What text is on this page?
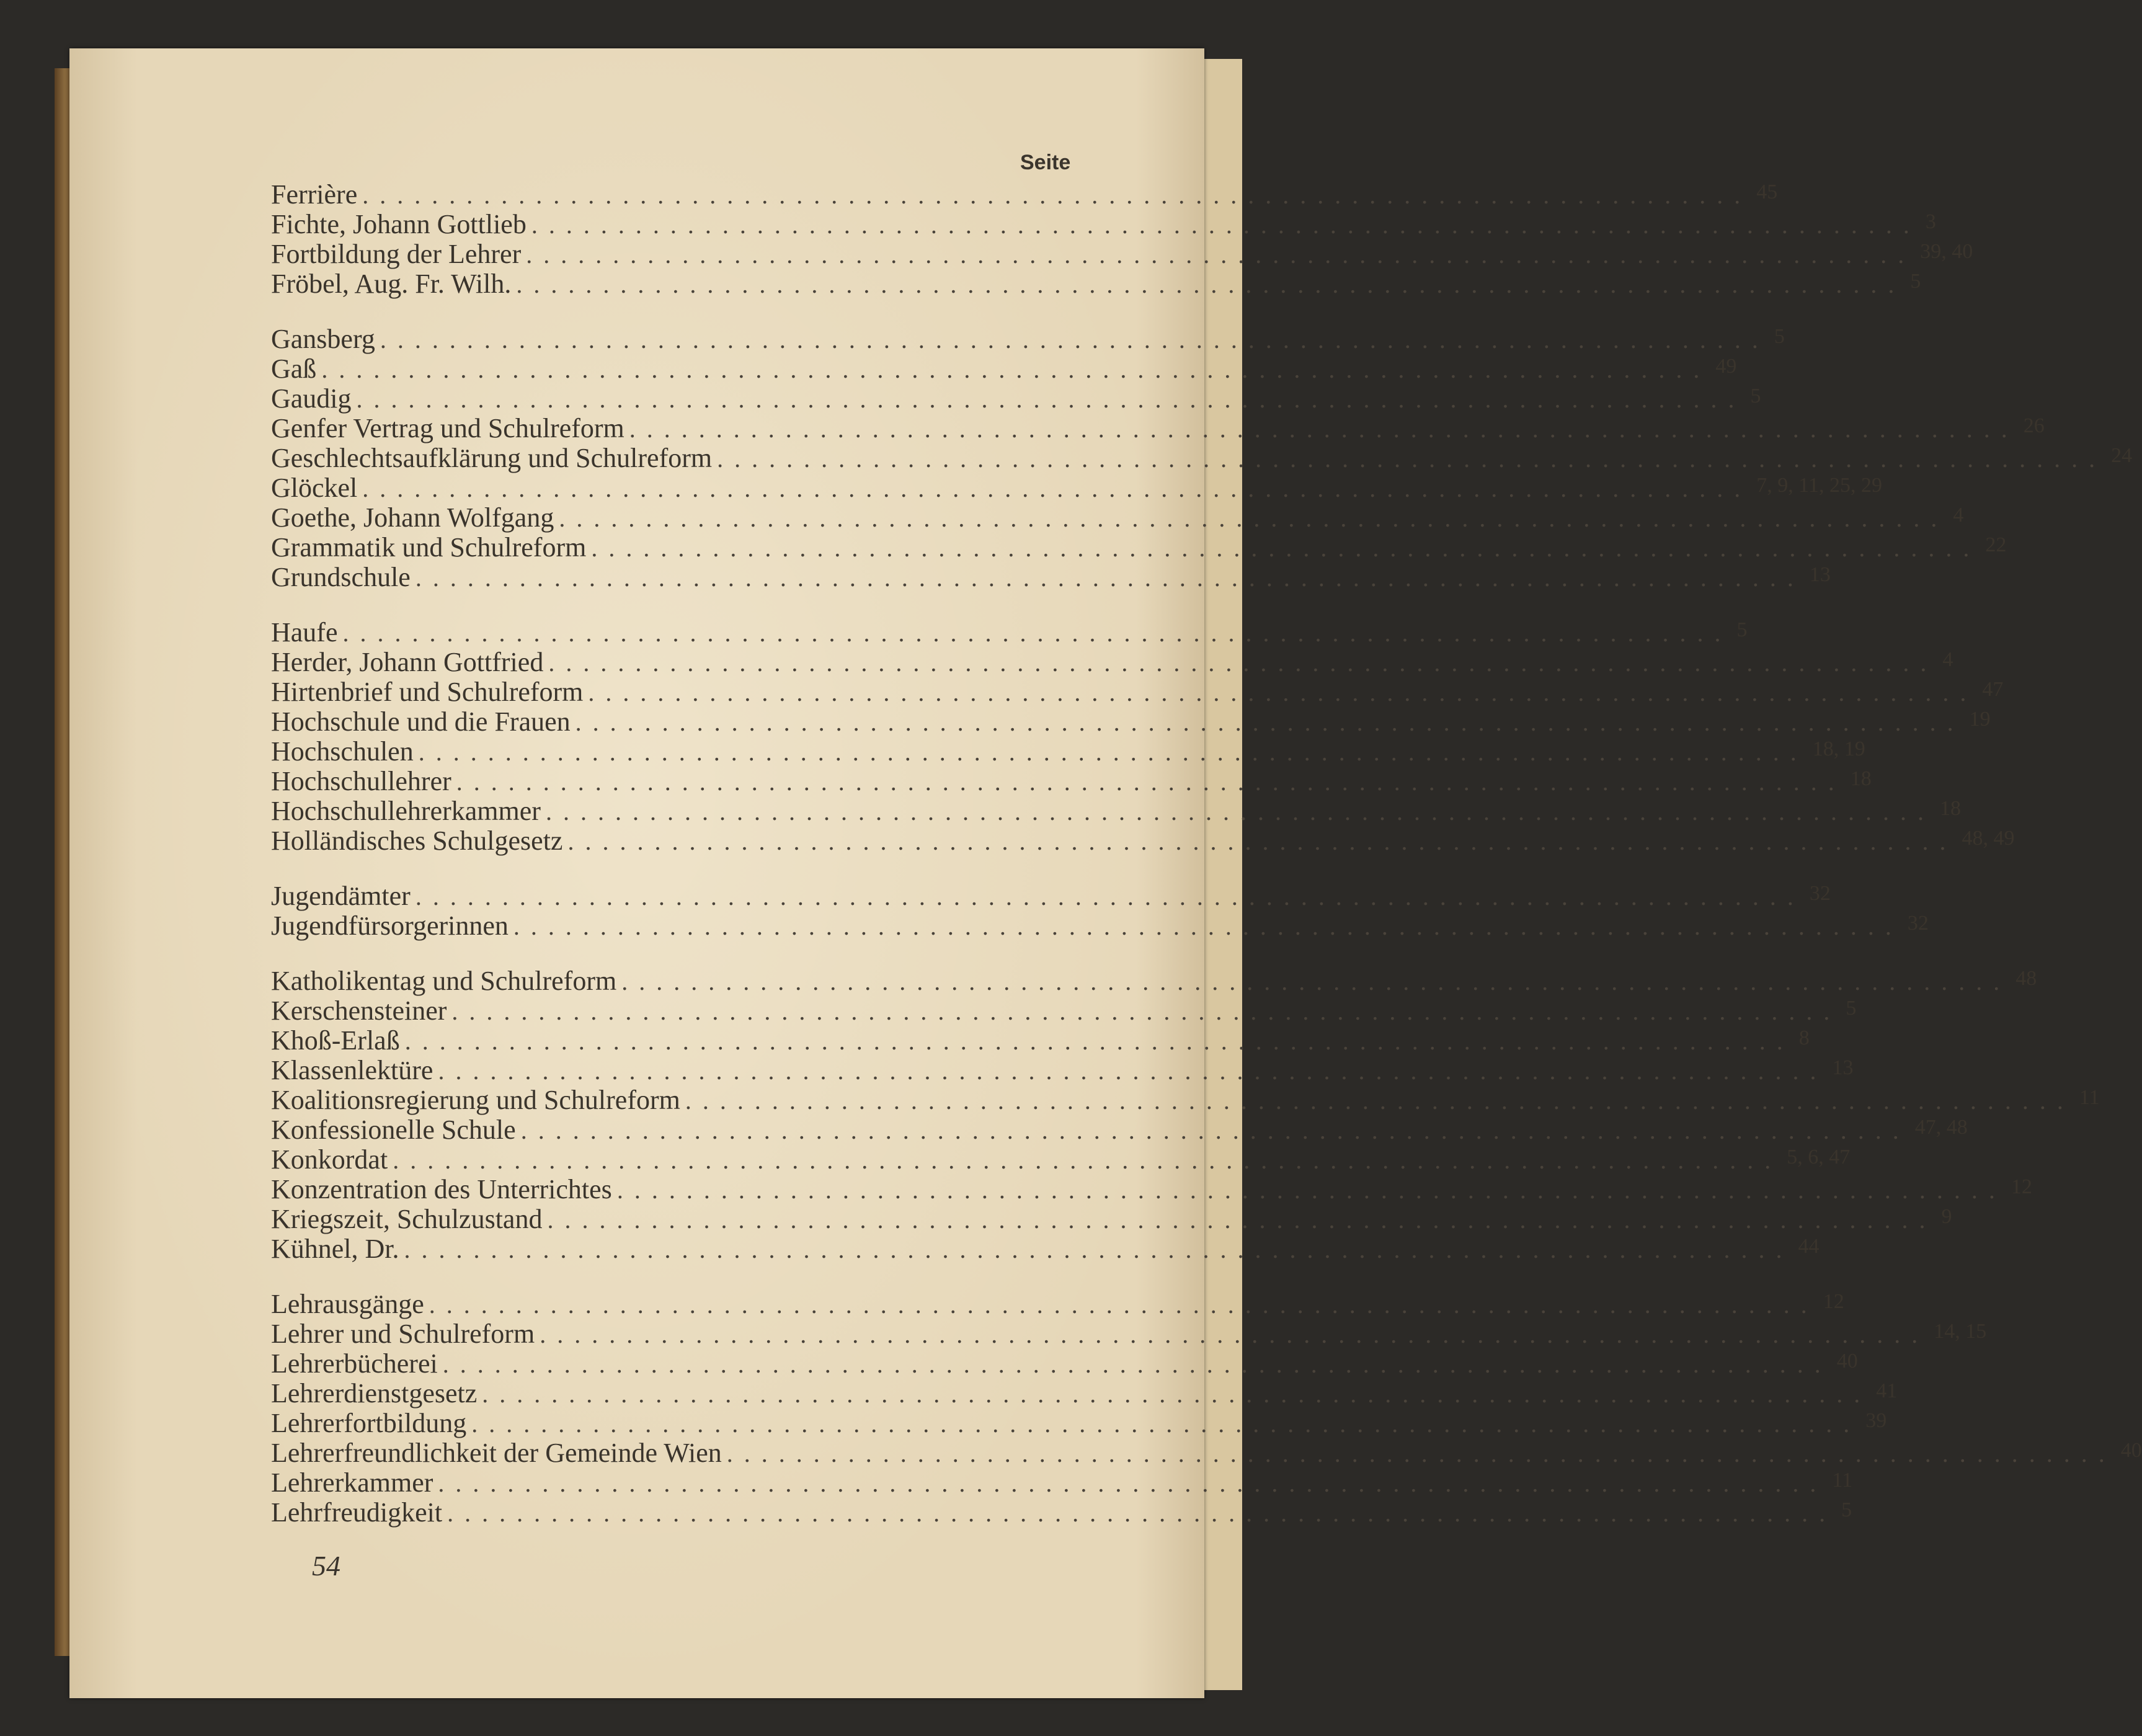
Seite
Ferrière ................................................................................ 45
Fichte, Johann Gottlieb ................................................................................ 3
Fortbildung der Lehrer ................................................................................ 39, 40
Fröbel, Aug. Fr. Wilh. ................................................................................ 5
Gansberg ................................................................................ 5
Gaß ................................................................................ 49
Gaudig ................................................................................ 5
Genfer Vertrag und Schulreform ................................................................................ 26
Geschlechtsaufklärung und Schulreform ................................................................................ 24
Glöckel ................................................................................ 7, 9, 11, 25, 29
Goethe, Johann Wolfgang ................................................................................ 4
Grammatik und Schulreform ................................................................................ 22
Grundschule ................................................................................ 13
Haufe ................................................................................ 5
Herder, Johann Gottfried ................................................................................ 4
Hirtenbrief und Schulreform ................................................................................ 47
Hochschule und die Frauen ................................................................................ 19
Hochschulen ................................................................................ 18, 19
Hochschullehrer ................................................................................ 18
Hochschullehrerkammer ................................................................................ 18
Holländisches Schulgesetz ................................................................................ 48, 49
Jugendämter ................................................................................ 32
Jugendfürsorgerinnen ................................................................................ 32
Katholikentag und Schulreform ................................................................................ 48
Kerschensteiner ................................................................................ 5
Khoß-Erlaß ................................................................................ 8
Klassenlektüre ................................................................................ 13
Koalitionsregierung und Schulreform ................................................................................ 11
Konfessionelle Schule ................................................................................ 47, 48
Konkordat ................................................................................ 5, 6, 47
Konzentration des Unterrichtes ................................................................................ 12
Kriegszeit, Schulzustand ................................................................................ 9
Kühnel, Dr. ................................................................................ 44
Lehrausgänge ................................................................................ 12
Lehrer und Schulreform ................................................................................ 14, 15
Lehrerbücherei ................................................................................ 40
Lehrerdienstgesetz ................................................................................ 41
Lehrerfortbildung ................................................................................ 39
Lehrerfreundlichkeit der Gemeinde Wien ................................................................................ 40
Lehrerkammer ................................................................................ 11
Lehrfreudigkeit ................................................................................ 5
54
